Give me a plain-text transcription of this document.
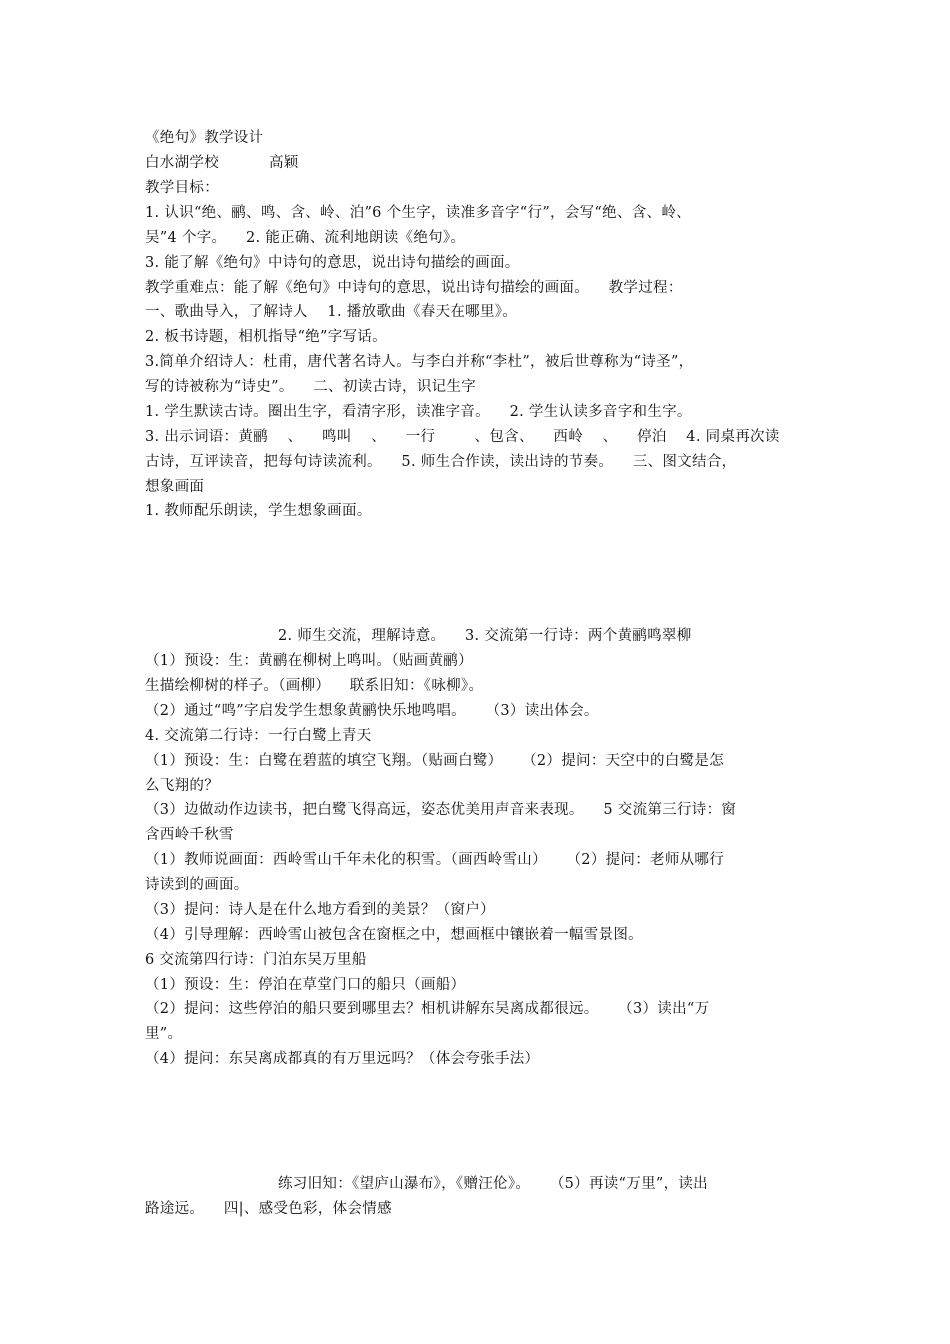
《绝句》教学设计
白水湖学校	高颖
教学目标：
1. 认识“绝、鹂、鸣、含、岭、泊”6 个生字，读准多音字“行”，会写“绝、含、岭、
吴”4 个字。    2. 能正确、流利地朗读《绝句》。
3. 能了解《绝句》中诗句的意思，说出诗句描绘的画面。
教学重难点：能了解《绝句》中诗句的意思，说出诗句描绘的画面。    教学过程：
一、歌曲导入，了解诗人    1. 播放歌曲《春天在哪里》。
2. 板书诗题，相机指导“绝”字写话。
3.简单介绍诗人：杜甫，唐代著名诗人。与李白并称“李杜”，被后世尊称为“诗圣”，
写的诗被称为“诗史”。    二、初读古诗，识记生字
1. 学生默读古诗。圈出生字，看清字形，读准字音。    2. 学生认读多音字和生字。
3. 出示词语：黄鹂    、    鸣叫    、    一行        、包含、    西岭    、    停泊    4. 同桌再次读
古诗，互评读音，把每句诗读流利。    5. 师生合作读，读出诗的节奏。    三、图文结合，
想象画面
1. 教师配乐朗读，学生想象画面。
2. 师生交流，理解诗意。    3. 交流第一行诗：两个黄鹂鸣翠柳
（1）预设：生：黄鹂在柳树上鸣叫。（贴画黄鹂）
生描绘柳树的样子。（画柳）    联系旧知：《咏柳》。
（2）通过“鸣”字启发学生想象黄鹂快乐地鸣唱。    （3）读出体会。
4. 交流第二行诗：一行白鹭上青天
（1）预设：生：白鹭在碧蓝的填空飞翔。（贴画白鹭）    （2）提问：天空中的白鹭是怎
么飞翔的？
（3）边做动作边读书，把白鹭飞得高远，姿态优美用声音来表现。    5 交流第三行诗：窗
含西岭千秋雪
（1）教师说画面：西岭雪山千年未化的积雪。（画西岭雪山）    （2）提问：老师从哪行
诗读到的画面。
（3）提问：诗人是在什么地方看到的美景？（窗户）
（4）引导理解：西岭雪山被包含在窗框之中，想画框中镶嵌着一幅雪景图。
6 交流第四行诗：门泊东吴万里船
（1）预设：生：停泊在草堂门口的船只（画船）
（2）提问：这些停泊的船只要到哪里去？相机讲解东吴离成都很远。    （3）读出“万
里”。
（4）提问：东吴离成都真的有万里远吗？（体会夸张手法）
练习旧知：《望庐山瀑布》，《赠汪伦》。    （5）再读“万里”，读出
路途远。    四|、感受色彩，体会情感
